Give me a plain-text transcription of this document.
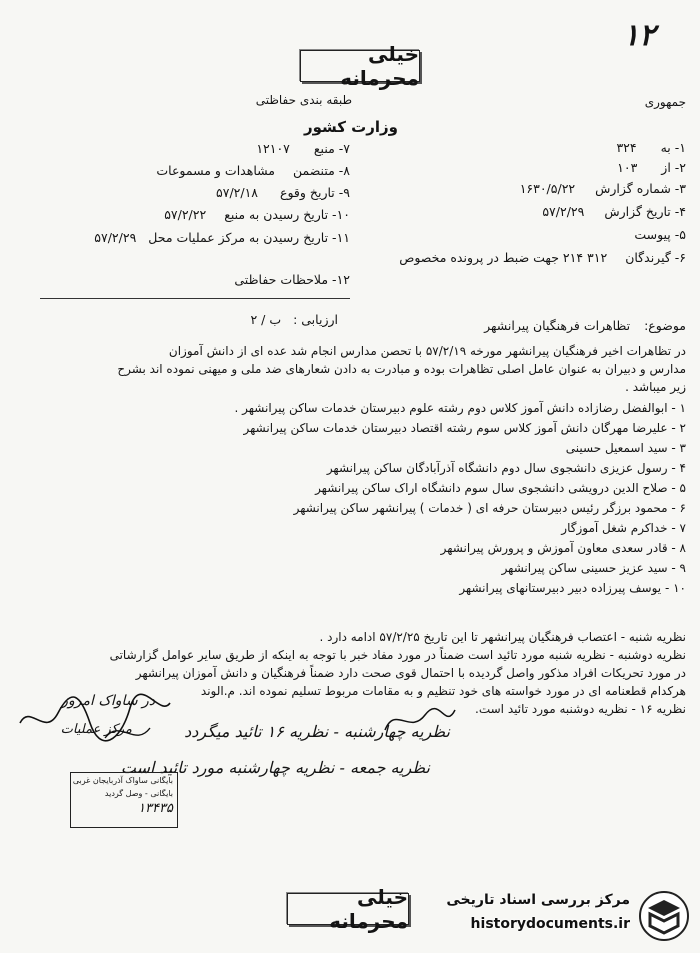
۱۲
خیلی محرمانه
طبقه بندی حفاظتی	جمهوری
وزارت کشور
۱- به ۳۲۴
۲- از ۱۰۳
۳- شماره گزارش ۱۶۳۰/۵/۲۲
۴- تاریخ گزارش ۵۷/۲/۲۹
۵- پیوست
۶- گیرندگان ۳۱۲ ۲۱۴ جهت ضبط در پرونده مخصوص
۷- منبع ۱۲۱۰۷
۸- متنضمن مشاهدات و مسموعات
۹- تاریخ وقوع ۵۷/۲/۱۸
۱۰- تاریخ رسیدن به منبع ۵۷/۲/۲۲
۱۱- تاریخ رسیدن به مرکز عملیات محل ۵۷/۲/۲۹
۱۲- ملاحظات حفاظتی
ارزیابی : ب / ۲	موضوع: تظاهرات فرهنگیان پیرانشهر
در تظاهرات اخیر فرهنگیان پیرانشهر مورخه ۵۷/۲/۱۹ با تحصن مدارس انجام شد عده ای از دانش آموزان
مدارس و دبیران به عنوان عامل اصلی تظاهرات بوده و مبادرت به دادن شعارهای ضد ملی و میهنی نموده اند بشرح
زیر میباشد .
۱ - ابوالفضل رضازاده دانش آموز کلاس دوم رشته علوم دبیرستان خدمات ساکن پیرانشهر .
۲ - علیرضا مهرگان دانش آموز کلاس سوم رشته اقتصاد دبیرستان خدمات ساکن پیرانشهر
۳ - سید اسمعیل حسینی
۴ - رسول عزیزی دانشجوی سال دوم دانشگاه آذرآبادگان ساکن پیرانشهر
۵ - صلاح الدین درویشی دانشجوی سال سوم دانشگاه اراک ساکن پیرانشهر
۶ - محمود برزگر رئیس دبیرستان حرفه ای ( خدمات ) پیرانشهر ساکن پیرانشهر
۷ - خداکرم شغل آموزگار
۸ - قادر سعدی معاون آموزش و پرورش پیرانشهر
۹ - سید عزیز حسینی ساکن پیرانشهر
۱۰ - یوسف پیرزاده دبیر دبیرستانهای پیرانشهر
نظریه شنبه - اعتصاب فرهنگیان پیرانشهر تا این تاریخ ۵۷/۲/۲۵ ادامه دارد .
نظریه دوشنبه - نظریه شنبه مورد تائید است ضمناً در مورد مفاد خبر با توجه به اینکه از طریق سایر عوامل گزارشاتی
در مورد تحریکات افراد مذکور واصل گردیده با احتمال قوی صحت دارد ضمناً فرهنگیان و دانش آموزان پیرانشهر
هرکدام قطعنامه ای در مورد خواسته های خود تنظیم و به مقامات مربوط تسلیم نموده اند. م.الوند
نظریه ۱۶ - نظریه دوشنبه مورد تائید است.
نظریه چهارشنبه - نظریه ۱۶ تائید میگردد
نظریه جمعه - نظریه چهارشنبه مورد تائید است
در ساواک امروز
مرکز عملیات
بایگانی ساواک آذربایجان غربی
بایگانی - وصل گردید
۱۳۴۳۵
خیلی محرمانه
مرکز بررسی اسناد تاریخی
historydocuments.ir
